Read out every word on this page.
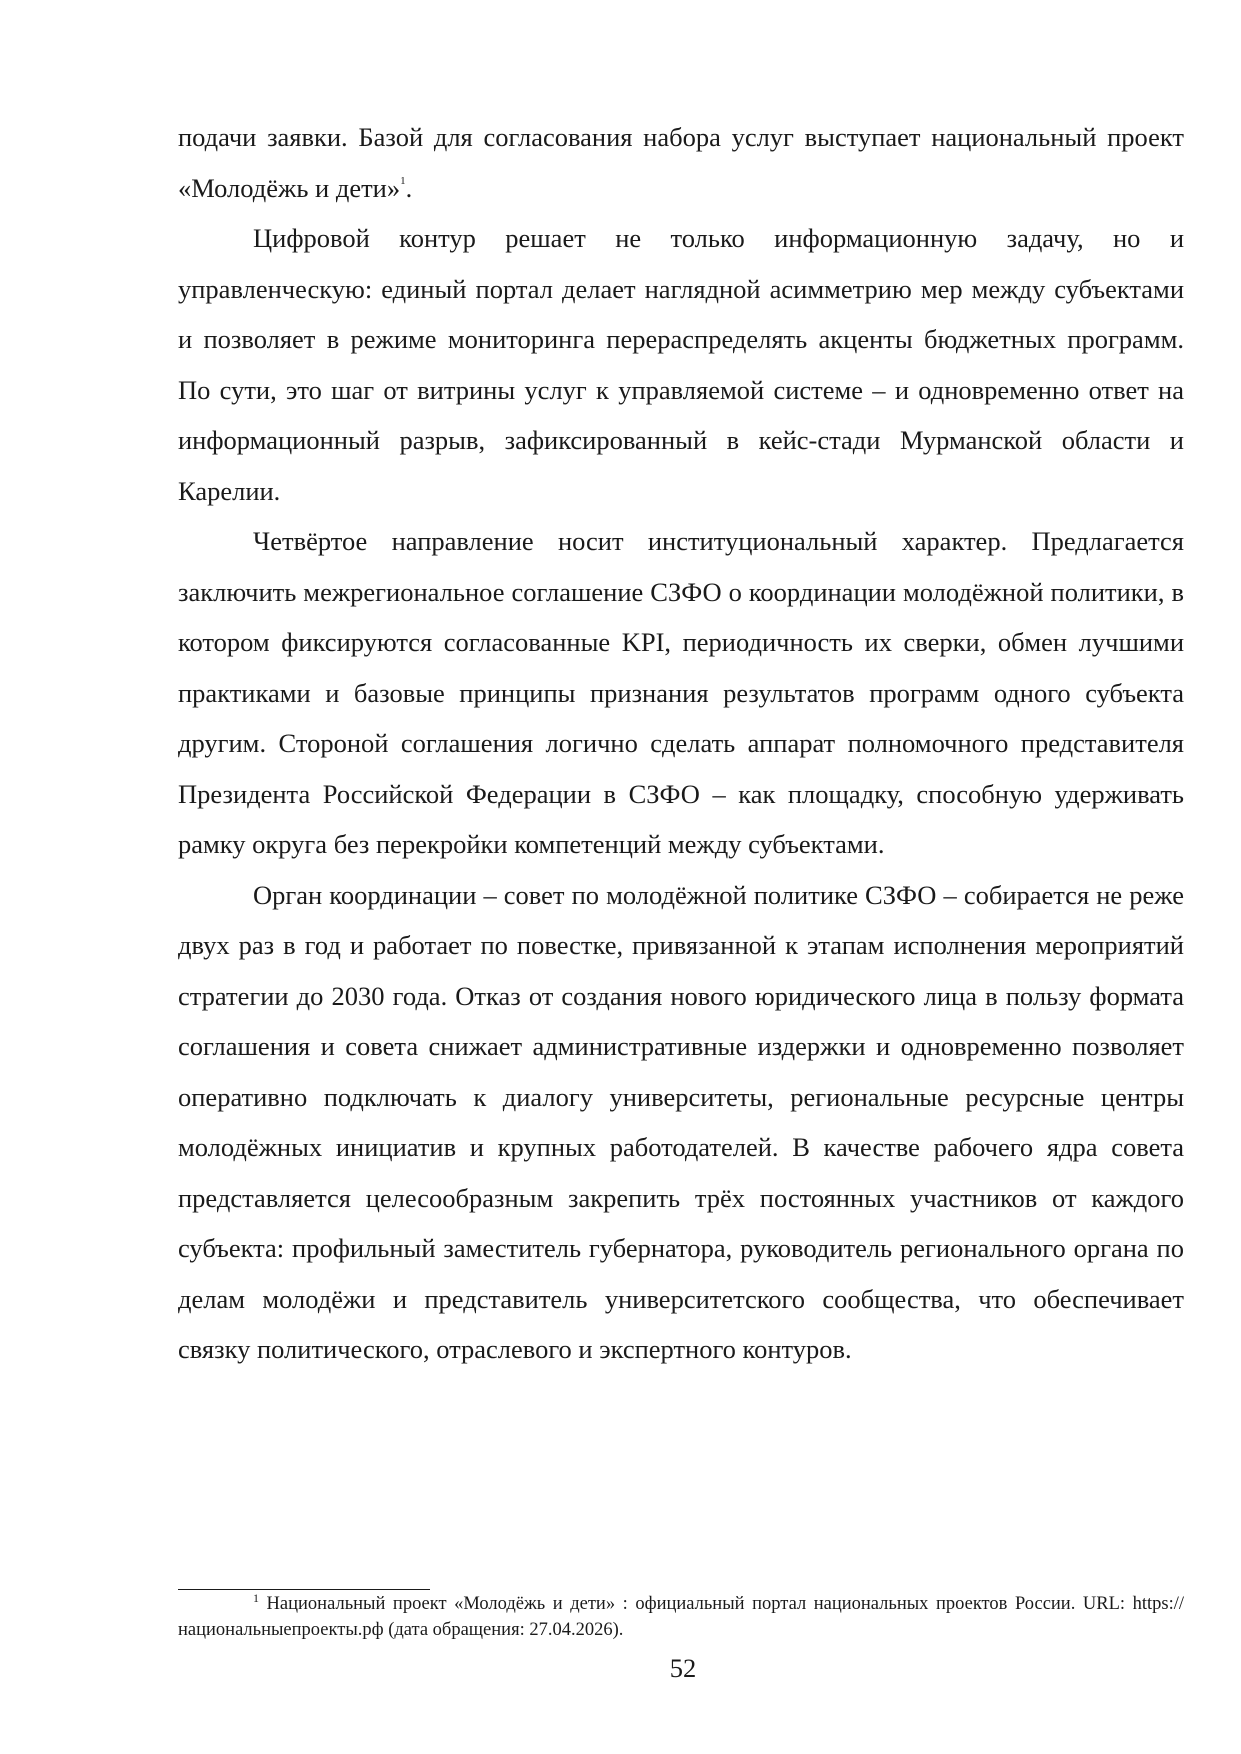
подачи заявки. Базой для согласования набора услуг выступает национальный проект «Молодёжь и дети»$^1$.

Цифровой контур решает не только информационную задачу, но и управленческую: единый портал делает наглядной асимметрию мер между субъектами и позволяет в режиме мониторинга перераспределять акценты бюджетных программ. По сути, это шаг от витрины услуг к управляемой системе – и одновременно ответ на информационный разрыв, зафиксированный в кейс-стади Мурманской области и Карелии.

Четвёртое направление носит институциональный характер. Предлагается заключить межрегиональное соглашение СЗФО о координации молодёжной политики, в котором фиксируются согласованные KPI, периодичность их сверки, обмен лучшими практиками и базовые принципы признания результатов программ одного субъекта другим. Стороной соглашения логично сделать аппарат полномочного представителя Президента Российской Федерации в СЗФО – как площадку, способную удерживать рамку округа без перекройки компетенций между субъектами.

Орган координации – совет по молодёжной политике СЗФО – собирается не реже двух раз в год и работает по повестке, привязанной к этапам исполнения мероприятий стратегии до 2030 года. Отказ от создания нового юридического лица в пользу формата соглашения и совета снижает административные издержки и одновременно позволяет оперативно подключать к диалогу университеты, региональные ресурсные центры молодёжных инициатив и крупных работодателей. В качестве рабочего ядра совета представляется целесообразным закрепить трёх постоянных участников от каждого субъекта: профильный заместитель губернатора, руководитель регионального органа по делам молодёжи и представитель университетского сообщества, что обеспечивает связку политического, отраслевого и экспертного контуров.

$^1$ Национальный проект «Молодёжь и дети» : официальный портал национальных проектов России. URL: https://национальныепроекты.рф (дата обращения: 27.04.2026).

52
